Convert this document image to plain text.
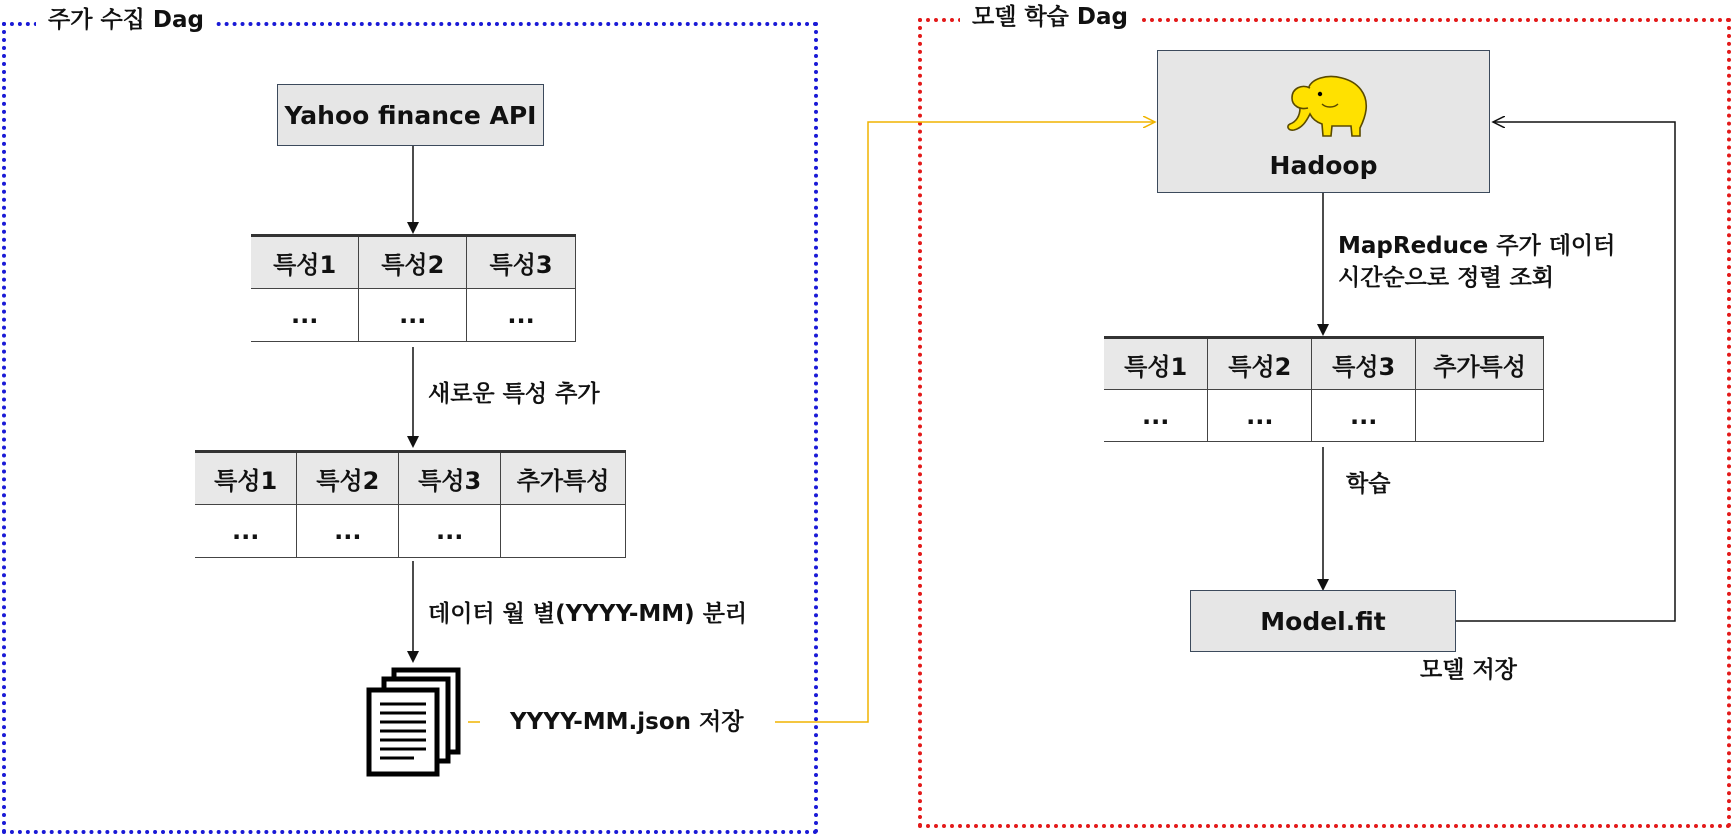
주가 수집 Dag	모델 학습 Dag
Yahoo finance API
특성1	특성2	특성3
...	...	...
새로운 특성 추가
특성1	특성2	특성3	추가특성
...	...	...	
데이터 월 별(YYYY-MM) 분리
YYYY-MM.json 저장
Hadoop
MapReduce 주가 데이터
시간순으로 정렬 조회
특성1	특성2	특성3	추가특성
...	...	...	
학습
Model.fit
모델 저장
